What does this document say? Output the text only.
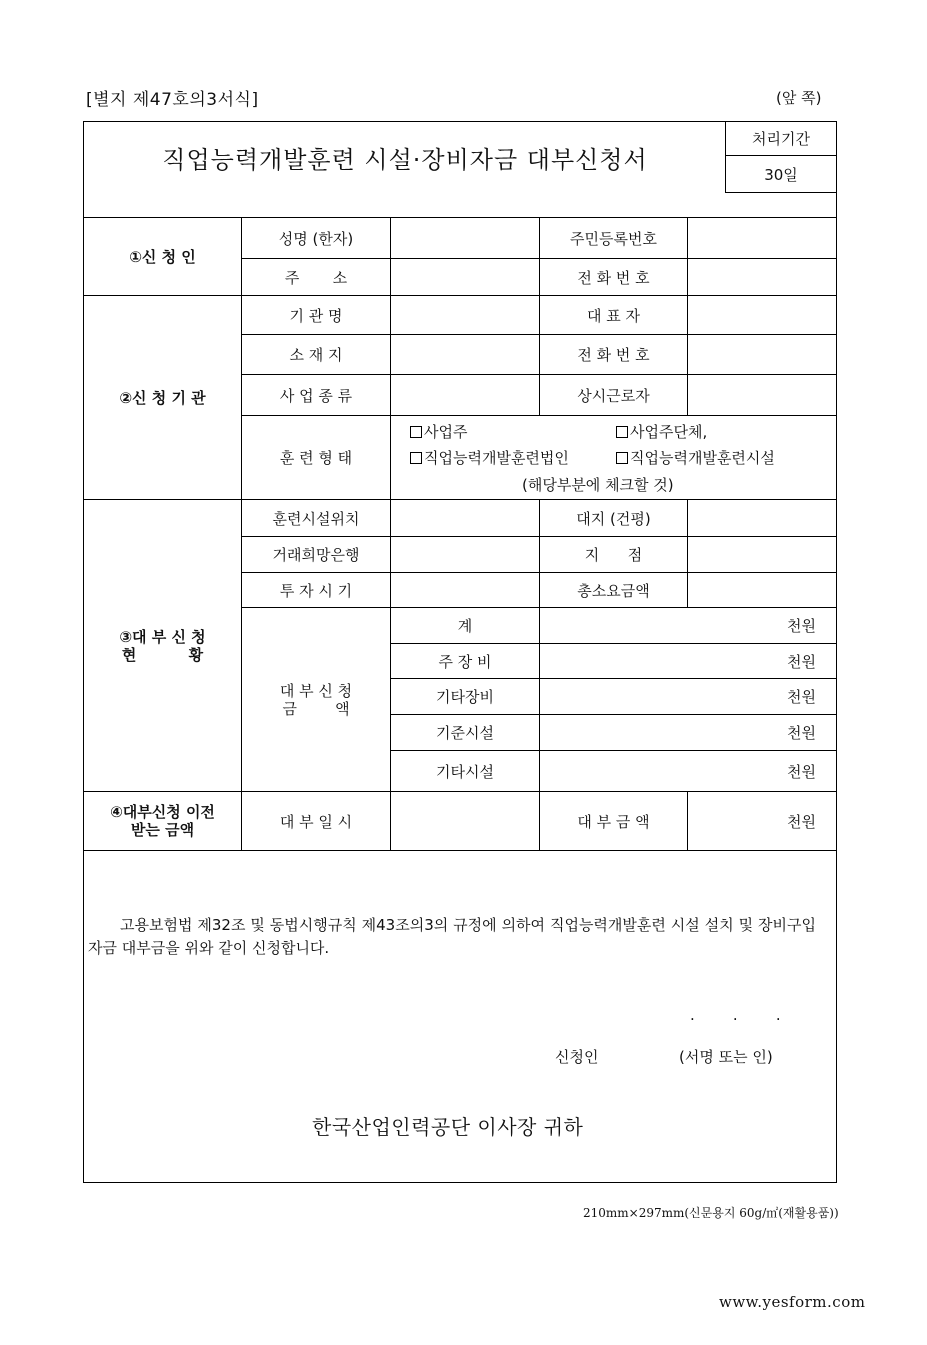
[별지 제47호의3서식]	(앞 쪽)
직업능력개발훈련 시설·장비자금 대부신청서
처리기간
30일
①신 청 인
성명 (한자)	주민등록번호
주       소	전 화 번 호
②신 청 기 관
기 관 명	대 표 자
소 재 지	전 화 번 호
사 업 종 류	상시근로자
훈 련 형 태
사업주	사업주단체,
직업능력개발훈련법인	직업능력개발훈련시설
(해당부분에 체크할 것)
③대 부 신 청
현          황
훈련시설위치	대지 (건평)
거래희망은행	지      점
투 자 시 기	총소요금액
대 부 신 청
금        액
계	천원
주 장 비	천원
기타장비	천원
기준시설	천원
기타시설	천원
④대부신청 이전
받는 금액	대 부 일 시	대 부 금 액	천원
고용보험법 제32조 및 동법시행규칙 제43조의3의 규정에 의하여 직업능력개발훈련 시설 설치 및 장비구입자금 대부금을 위와 같이 신청합니다.
.        .        .
신청인	(서명 또는 인)
한국산업인력공단 이사장 귀하
210mm×297mm(신문용지 60g/㎡(재활용품))
www.yesform.com
